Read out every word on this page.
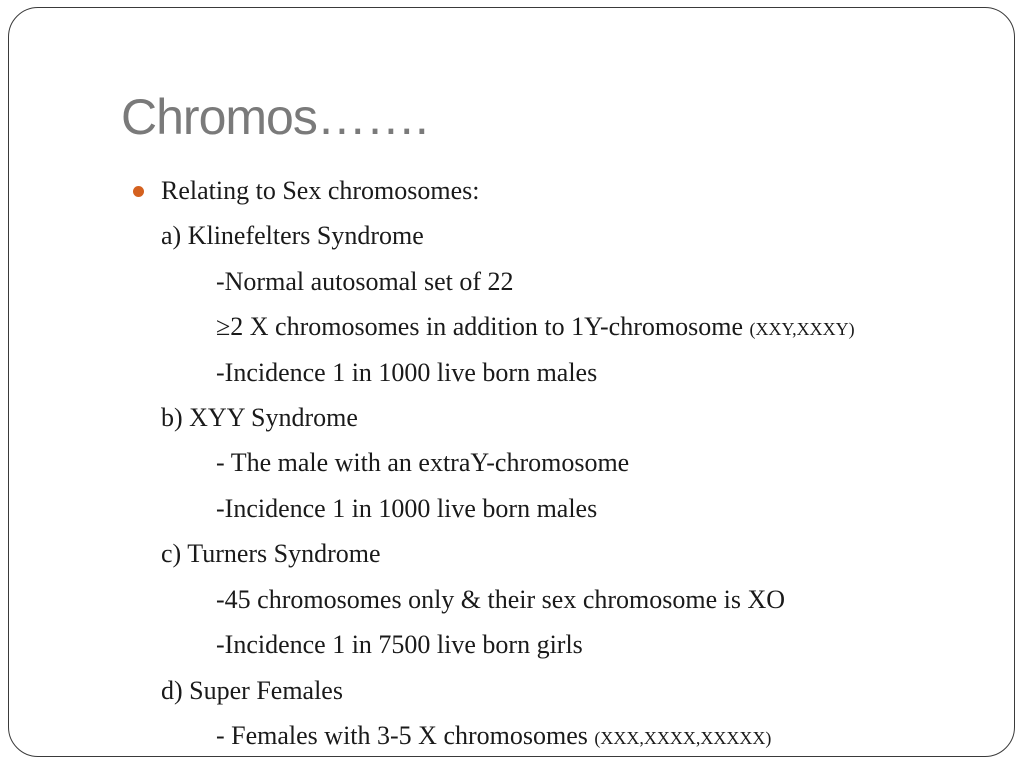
Chromos…….
Relating to Sex chromosomes:
a) Klinefelters Syndrome
-Normal autosomal set of 22
≥2 X chromosomes in addition to 1Y-chromosome (XXY,XXXY)
-Incidence 1 in 1000 live born males
b) XYY Syndrome
- The male with an extraY-chromosome
-Incidence 1 in 1000 live born males
c) Turners Syndrome
-45 chromosomes only & their sex chromosome is XO
-Incidence 1 in 7500 live born girls
d) Super Females
- Females with 3-5 X chromosomes (XXX,XXXX,XXXXX)
